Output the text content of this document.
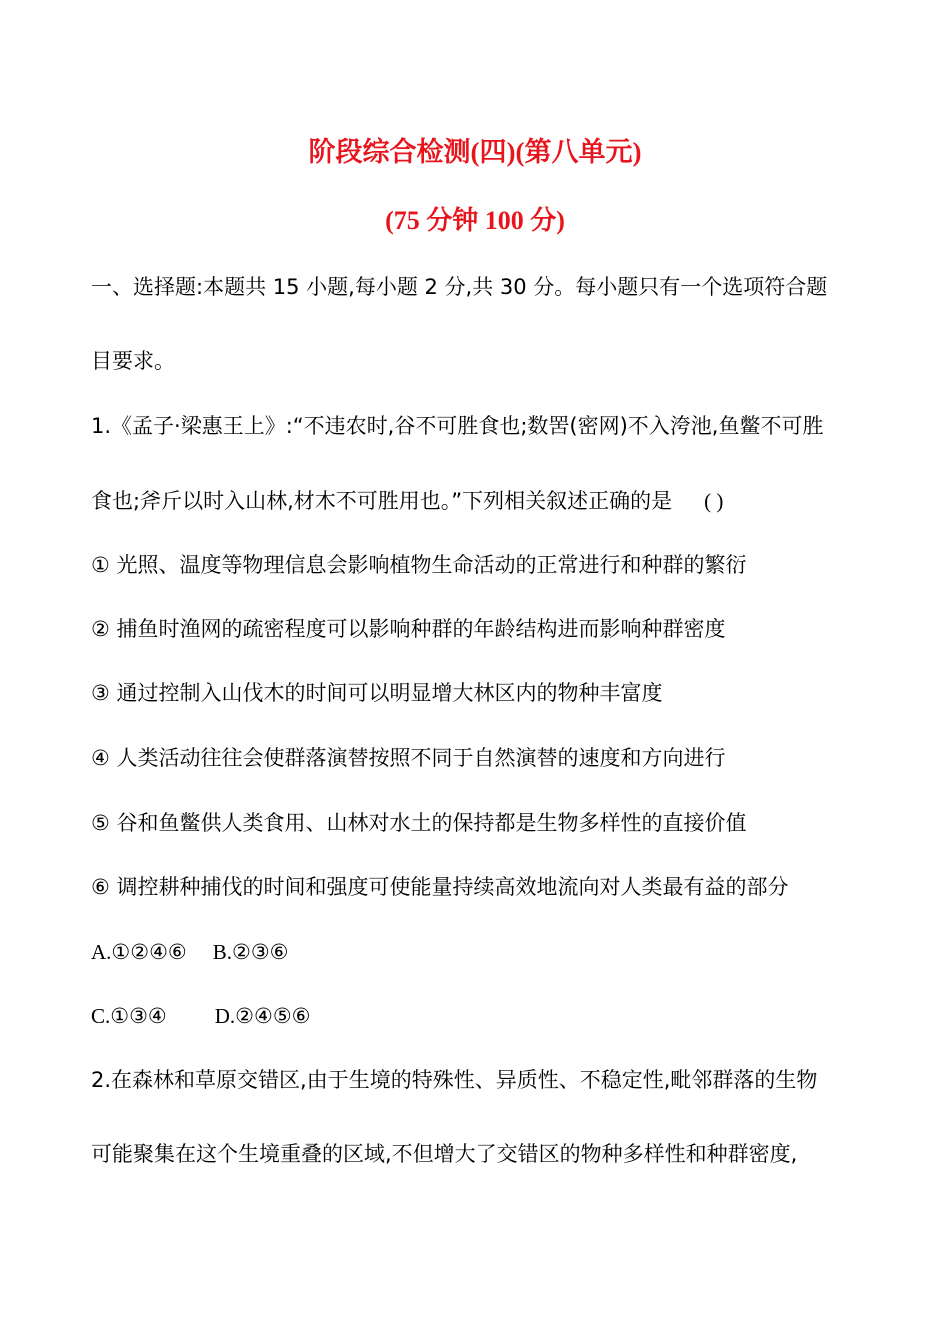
阶段综合检测(四)(第八单元)
(75 分钟 100 分)
一、选择题:本题共 15 小题,每小题 2 分,共 30 分。每小题只有一个选项符合题
目要求。
1.《孟子·梁惠王上》:“不违农时,谷不可胜食也;数罟(密网)不入洿池,鱼鳖不可胜
食也;斧斤以时入山林,材木不可胜用也。”下列相关叙述正确的是 ( )
① 光照、温度等物理信息会影响植物生命活动的正常进行和种群的繁衍
② 捕鱼时渔网的疏密程度可以影响种群的年龄结构进而影响种群密度
③ 通过控制入山伐木的时间可以明显增大林区内的物种丰富度
④ 人类活动往往会使群落演替按照不同于自然演替的速度和方向进行
⑤ 谷和鱼鳖供人类食用、山林对水土的保持都是生物多样性的直接价值
⑥ 调控耕种捕伐的时间和强度可使能量持续高效地流向对人类最有益的部分
A.①②④⑥ B.②③⑥
C.①③④ D.②④⑤⑥
2.在森林和草原交错区,由于生境的特殊性、异质性、不稳定性,毗邻群落的生物
可能聚集在这个生境重叠的区域,不但增大了交错区的物种多样性和种群密度,
